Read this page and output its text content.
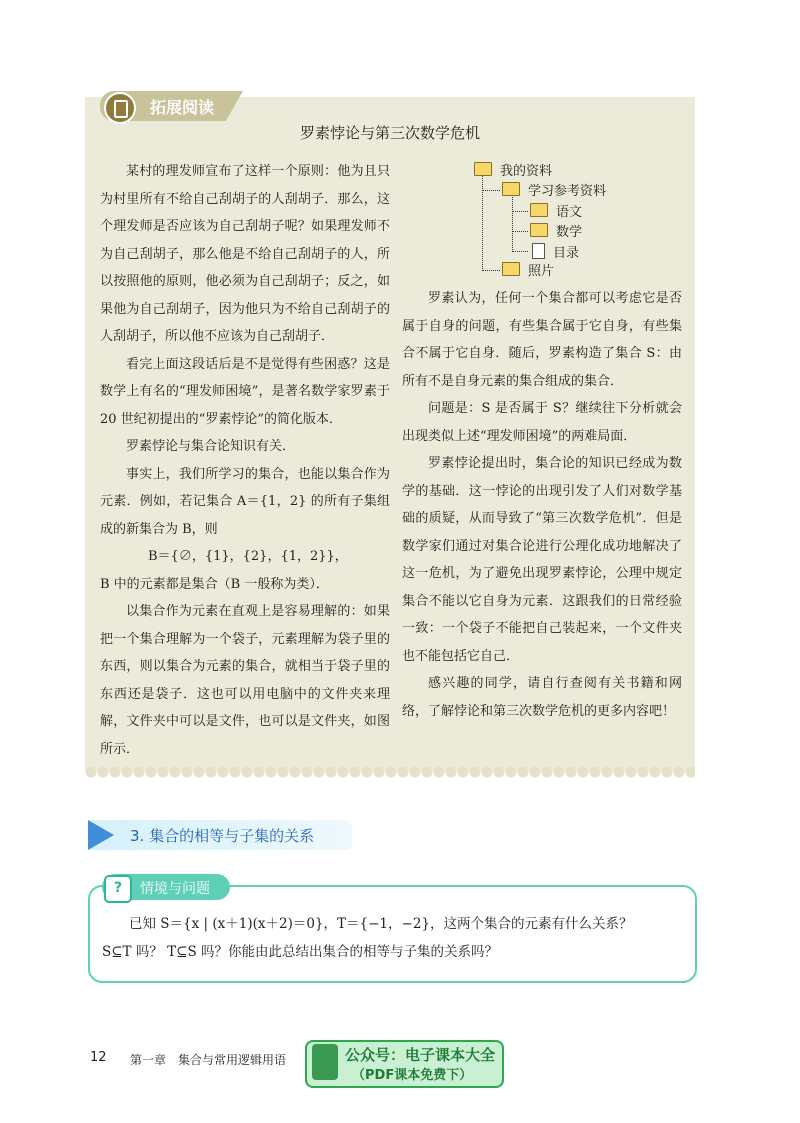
拓展阅读
罗素悖论与第三次数学危机

某村的理发师宣布了这样一个原则：他为且只为村里所有不给自己刮胡子的人刮胡子．那么，这个理发师是否应该为自己刮胡子呢？如果理发师不为自己刮胡子，那么他是不给自己刮胡子的人，所以按照他的原则，他必须为自己刮胡子；反之，如果他为自己刮胡子，因为他只为不给自己刮胡子的人刮胡子，所以他不应该为自己刮胡子．

看完上面这段话后是不是觉得有些困惑？这是数学上有名的“理发师困境”，是著名数学家罗素于 20 世纪初提出的“罗素悖论”的简化版本．

罗素悖论与集合论知识有关．

事实上，我们所学习的集合，也能以集合作为元素．例如，若记集合 A＝{1，2} 的所有子集组成的新集合为 B，则

B＝{∅，{1}，{2}，{1，2}}，

B 中的元素都是集合（B 一般称为类）．

以集合作为元素在直观上是容易理解的：如果把一个集合理解为一个袋子，元素理解为袋子里的东西，则以集合为元素的集合，就相当于袋子里的东西还是袋子．这也可以用电脑中的文件夹来理解，文件夹中可以是文件，也可以是文件夹，如图所示．

我的资料
学习参考资料
语文
数学
目录
照片

罗素认为，任何一个集合都可以考虑它是否属于自身的问题，有些集合属于它自身，有些集合不属于它自身．随后，罗素构造了集合 S：由所有不是自身元素的集合组成的集合．

问题是：S 是否属于 S？继续往下分析就会出现类似上述“理发师困境”的两难局面．

罗素悖论提出时，集合论的知识已经成为数学的基础．这一悖论的出现引发了人们对数学基础的质疑，从而导致了“第三次数学危机”．但是数学家们通过对集合论进行公理化成功地解决了这一危机，为了避免出现罗素悖论，公理中规定集合不能以它自身为元素．这跟我们的日常经验一致：一个袋子不能把自己装起来，一个文件夹也不能包括它自己．

感兴趣的同学，请自行查阅有关书籍和网络，了解悖论和第三次数学危机的更多内容吧！

3. 集合的相等与子集的关系
?	情境与问题

已知 S＝{x | (x＋1)(x＋2)＝0}，T＝{−1，−2}，这两个集合的元素有什么关系？

S⊆T 吗？ T⊆S 吗？你能由此总结出集合的相等与子集的关系吗？

12 第一章　集合与常用逻辑用语	公众号：电子课本大全
（PDF课本免费下）
